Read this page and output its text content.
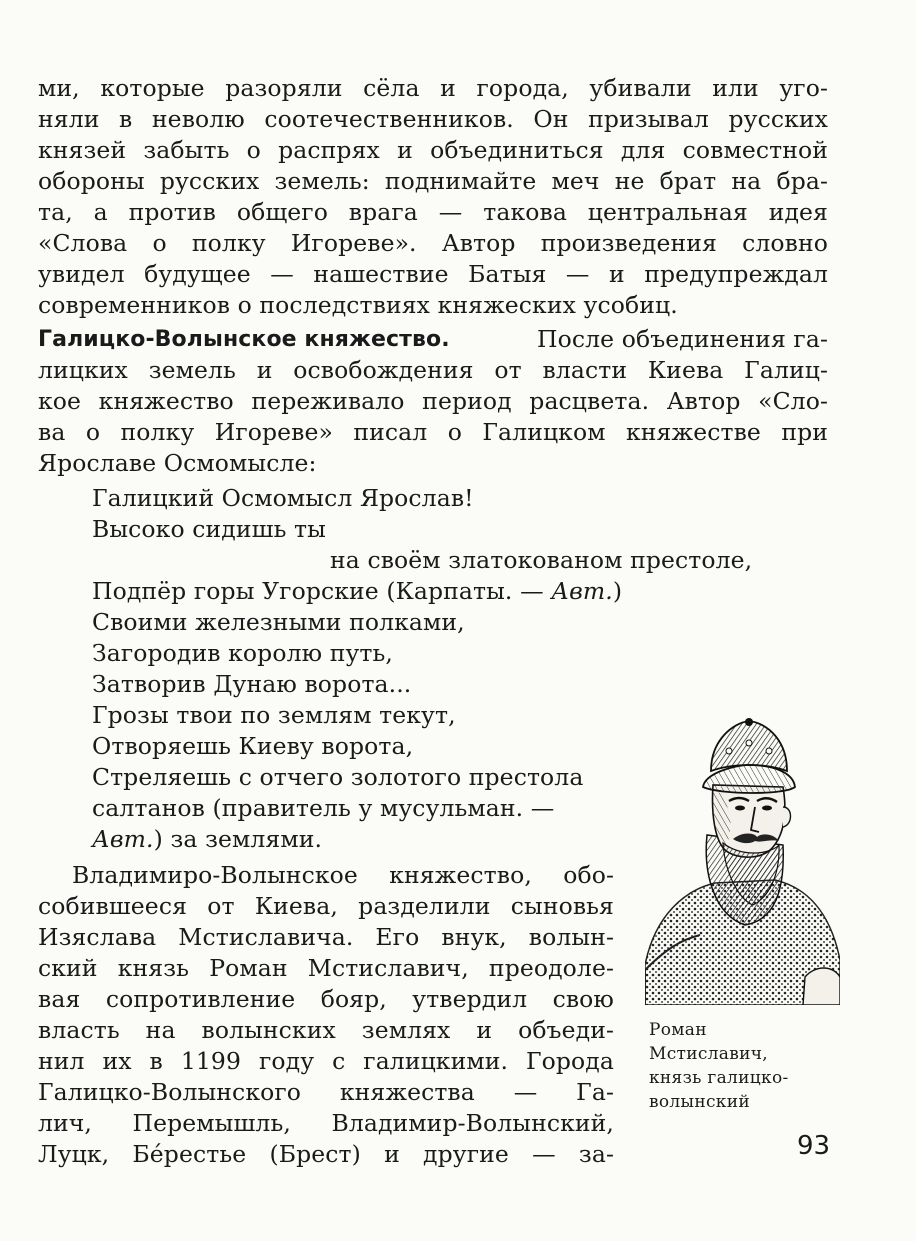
ми, которые разоряли сёла и города, убивали или уго-
няли в неволю соотечественников. Он призывал русских
князей забыть о распрях и объединиться для совместной
обороны русских земель: поднимайте меч не брат на бра-
та, а против общего врага — такова центральная идея
«Слова о полку Игореве». Автор произведения словно
увидел будущее — нашествие Батыя — и предупреждал
современников о последствиях княжеских усобиц.
Галицко-Волынское княжество.	После объединения га-
лицких земель и освобождения от власти Киева Галиц-
кое княжество переживало период расцвета. Автор «Сло-
ва о полку Игореве» писал о Галицком княжестве при
Ярославе Осмомысле:
Галицкий Осмомысл Ярослав!
Высоко сидишь ты
на своём златокованом престоле,
Подпёр горы Угорские (Карпаты. — Авт.)
Своими железными полками,
Загородив королю путь,
Затворив Дунаю ворота...
Грозы твои по землям текут,
Отворяешь Киеву ворота,
Стреляешь с отчего золотого престола
салтанов (правитель у мусульман. —
Авт.) за землями.
Владимиро-Волынское княжество, обо-
собившееся от Киева, разделили сыновья
Изяслава Мстиславича. Его внук, волын-
ский князь Роман Мстиславич, преодоле-
вая сопротивление бояр, утвердил свою
власть на волынских землях и объеди-
нил их в 1199 году с галицкими. Города
Галицко-Волынского княжества — Га-
лич, Перемышль, Владимир-Волынский,
Луцк, Бе́рестье (Брест) и другие — за-
Роман
Мстиславич,
князь галицко-
волынский
93
